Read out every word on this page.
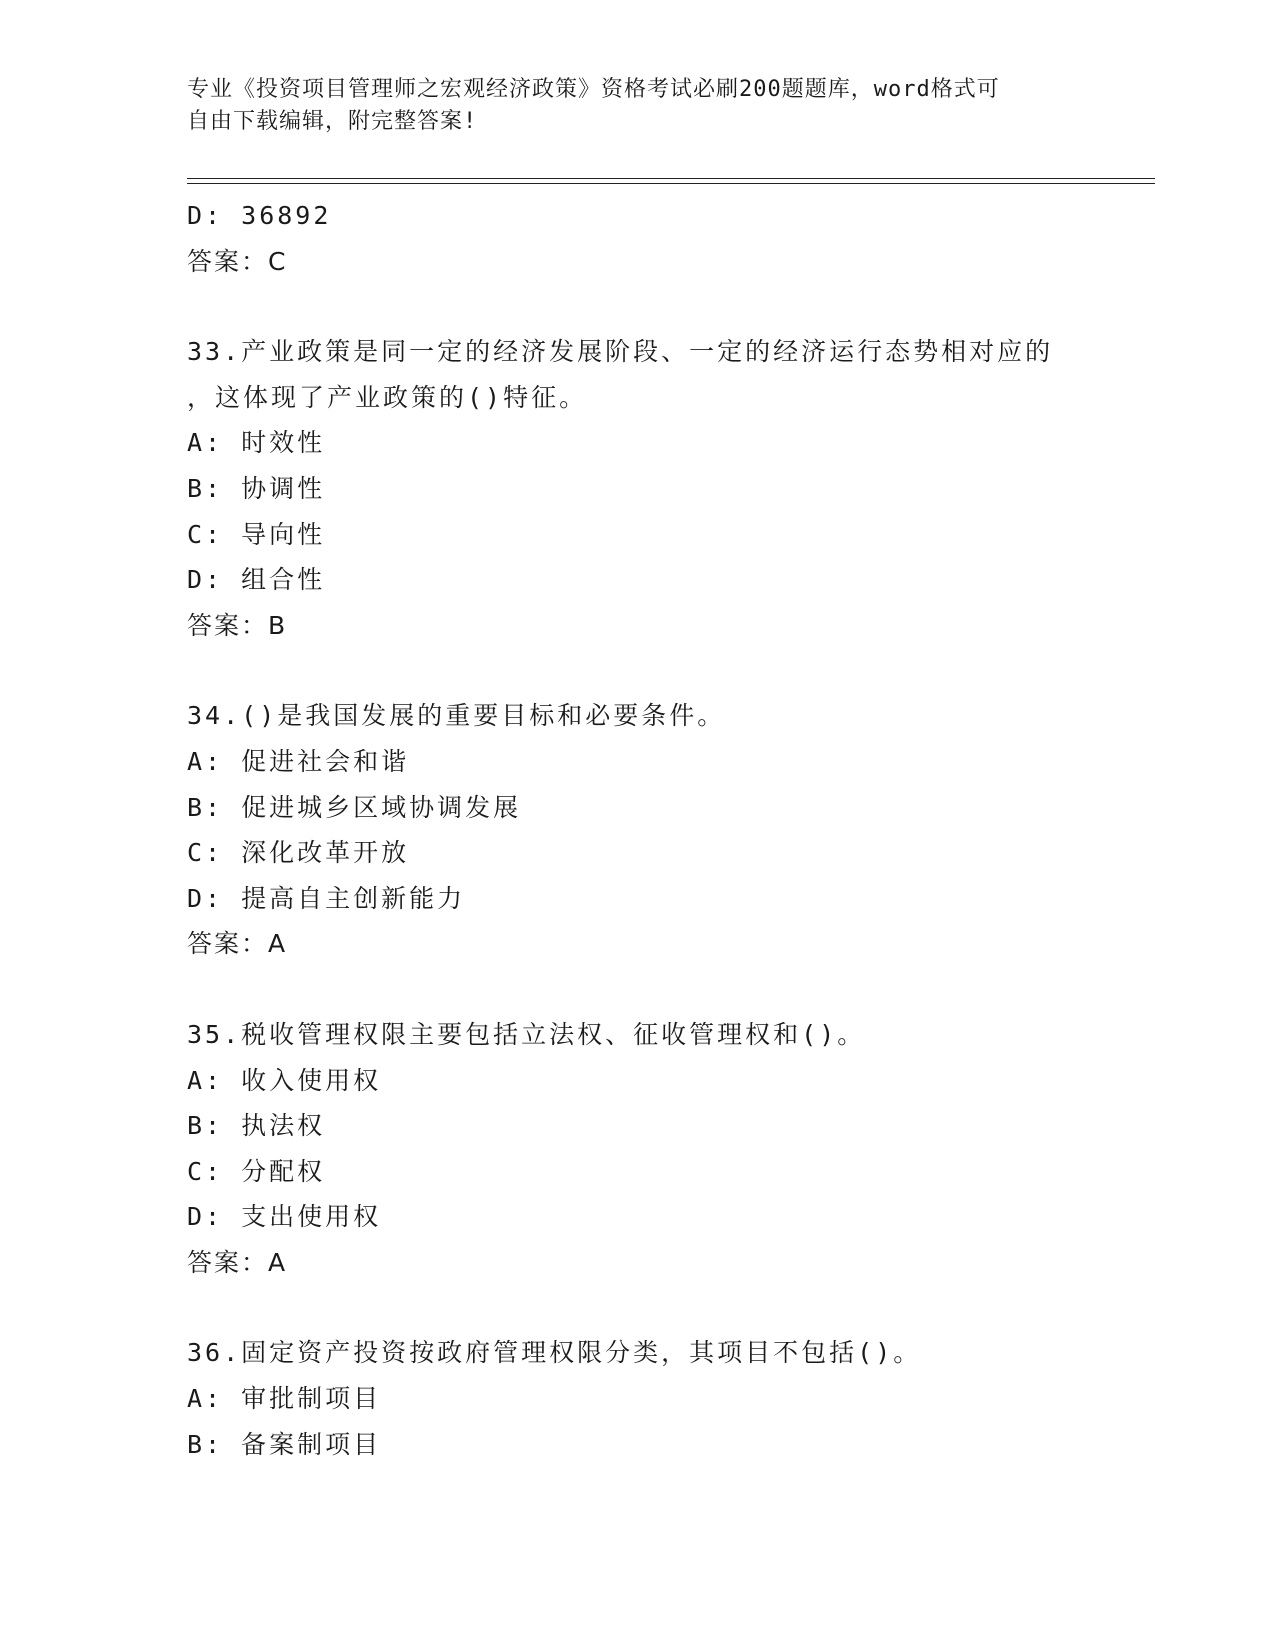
专业《投资项目管理师之宏观经济政策》资格考试必刷200题题库，word格式可
自由下载编辑，附完整答案!
D: 36892
答案：C
33.产业政策是同一定的经济发展阶段、一定的经济运行态势相对应的
，这体现了产业政策的()特征。
A: 时效性
B: 协调性
C: 导向性
D: 组合性
答案：B
34.()是我国发展的重要目标和必要条件。
A: 促进社会和谐
B: 促进城乡区域协调发展
C: 深化改革开放
D: 提高自主创新能力
答案：A
35.税收管理权限主要包括立法权、征收管理权和()。
A: 收入使用权
B: 执法权
C: 分配权
D: 支出使用权
答案：A
36.固定资产投资按政府管理权限分类，其项目不包括()。
A: 审批制项目
B: 备案制项目
